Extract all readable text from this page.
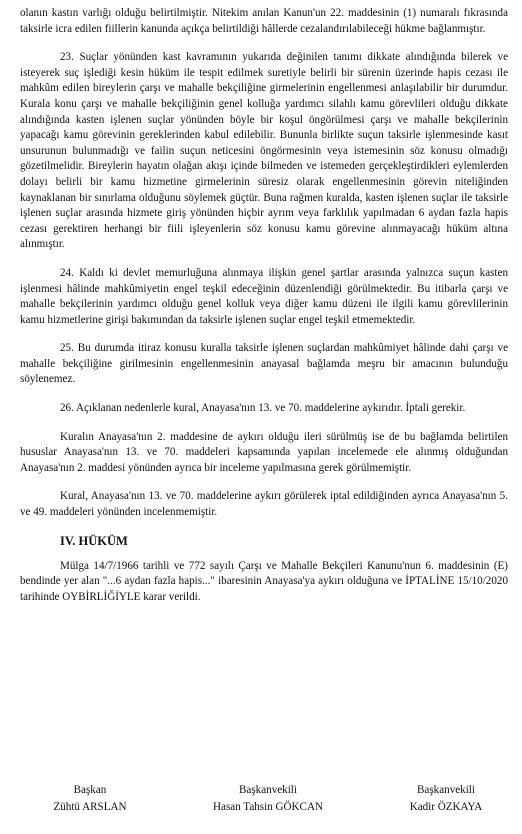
olanın kastın varlığı olduğu belirtilmiştir. Nitekim anılan Kanun'un 22. maddesinin (1) numaralı fıkrasında taksirle icra edilen fiillerin kanunda açıkça belirtildiği hâllerde cezalandırılabileceği hükme bağlanmıştır.

23. Suçlar yönünden kast kavramının yukarıda değinilen tanımı dikkate alındığında bilerek ve isteyerek suç işlediği kesin hüküm ile tespit edilmek suretiyle belirli bir sürenin üzerinde hapis cezası ile mahkûm edilen bireylerin çarşı ve mahalle bekçiliğine girmelerinin engellenmesi anlaşılabilir bir durumdur. Kurala konu çarşı ve mahalle bekçiliğinin genel kolluğa yardımcı silahlı kamu görevlileri olduğu dikkate alındığında kasten işlenen suçlar yönünden böyle bir koşul öngörülmesi çarşı ve mahalle bekçilerinin yapacağı kamu görevinin gereklerinden kabul edilebilir. Bununla birlikte suçun taksirle işlenmesinde kasıt unsurunun bulunmadığı ve failin suçun neticesini öngörmesinin veya istemesinin söz konusu olmadığı gözetilmelidir. Bireylerin hayatın olağan akışı içinde bilmeden ve istemeden gerçekleştirdikleri eylemlerden dolayı belirli bir kamu hizmetine girmelerinin süresiz olarak engellenmesinin görevin niteliğinden kaynaklanan bir sınırlama olduğunu söylemek güçtür. Buna rağmen kuralda, kasten işlenen suçlar ile taksirle işlenen suçlar arasında hizmete giriş yönünden hiçbir ayrım veya farklılık yapılmadan 6 aydan fazla hapis cezası gerektiren herhangi bir fiili işleyenlerin söz konusu kamu görevine alınmayacağı hüküm altına alınmıştır.

24. Kaldı ki devlet memurluğuna alınmaya ilişkin genel şartlar arasında yalnızca suçun kasten işlenmesi hâlinde mahkûmiyetin engel teşkil edeceğinin düzenlendiği görülmektedir. Bu itibarla çarşı ve mahalle bekçilerinin yardımcı olduğu genel kolluk veya diğer kamu düzeni ile ilgili kamu görevlilerinin kamu hizmetlerine girişi bakımından da taksirle işlenen suçlar engel teşkil etmemektedir.

25. Bu durumda itiraz konusu kuralla taksirle işlenen suçlardan mahkûmiyet hâlinde dahi çarşı ve mahalle bekçiliğine girilmesinin engellenmesinin anayasal bağlamda meşru bir amacının bulunduğu söylenemez.

26. Açıklanan nedenlerle kural, Anayasa'nın 13. ve 70. maddelerine aykırıdır. İptali gerekir.

Kuralın Anayasa'nın 2. maddesine de aykırı olduğu ileri sürülmüş ise de bu bağlamda belirtilen hususlar Anayasa'nın 13. ve 70. maddeleri kapsamında yapılan incelemede ele alınmış olduğundan Anayasa'nın 2. maddesi yönünden ayrıca bir inceleme yapılmasına gerek görülmemiştir.

Kural, Anayasa'nın 13. ve 70. maddelerine aykırı görülerek iptal edildiğinden ayrıca Anayasa'nın 5. ve 49. maddeleri yönünden incelenmemiştir.

IV. HÜKÜM

Mülga 14/7/1966 tarihli ve 772 sayılı Çarşı ve Mahalle Bekçileri Kanunu'nun 6. maddesinin (E) bendinde yer alan "...6 aydan fazla hapis..." ibaresinin Anayasa'ya aykırı olduğuna ve İPTALİNE 15/10/2020 tarihinde OYBİRLİĞİYLE karar verildi.

Başkan
Zühtü ARSLAN
Başkanvekili
Hasan Tahsin GÖKCAN
Başkanvekili
Kadir ÖZKAYA
